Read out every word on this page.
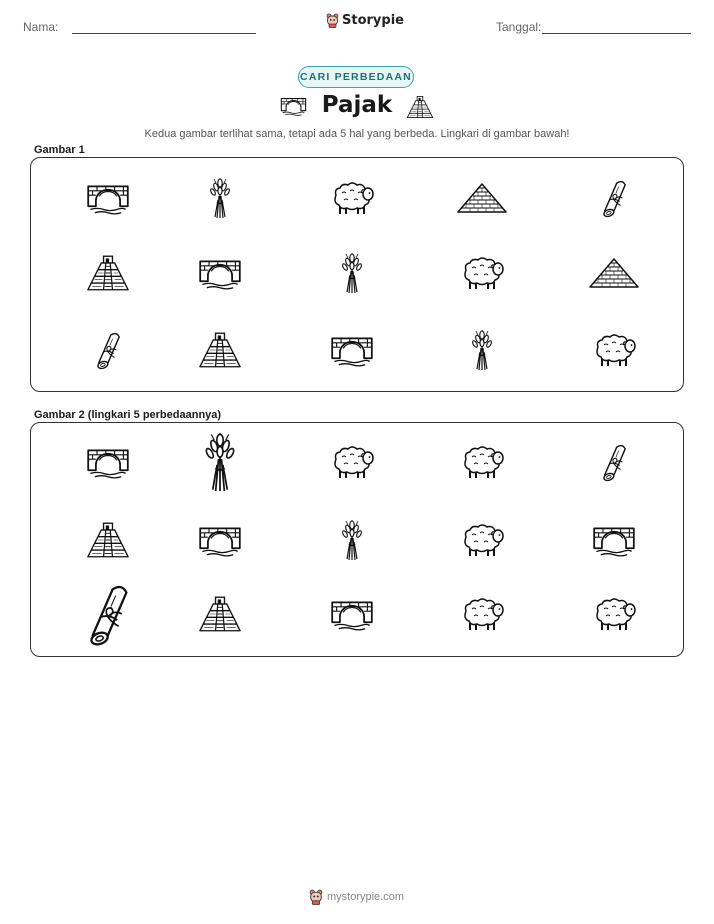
Nama:	Storypie	Tanggal:
CARI PERBEDAAN
Pajak
Kedua gambar terlihat sama, tetapi ada 5 hal yang berbeda. Lingkari di gambar bawah!
Gambar 1
Gambar 2 (lingkari 5 perbedaannya)
mystorypie.com
